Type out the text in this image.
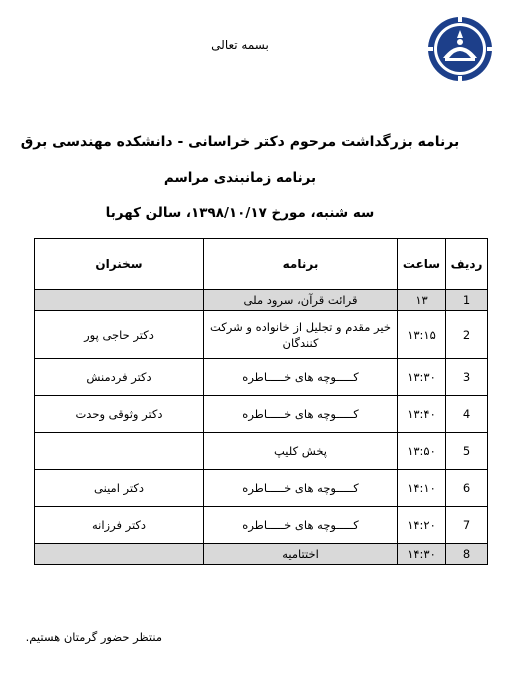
بسمه تعالی
برنامه بزرگداشت مرحوم دکتر خراسانی - دانشکده مهندسی برق
برنامه زمانبندی مراسم
سه شنبه، مورخ ۱۳۹۸/۱۰/۱۷، سالن کهربا
ردیف	ساعت	برنامه	سخنران
1	۱۳	قرائت قرآن، سرود ملی	
2	۱۳:۱۵	خیر مقدم و تجلیل از خانواده و شرکت کنندگان	دکتر حاجی پور
3	۱۳:۳۰	کـــــوچه های خـــــاطره	دکتر فردمنش
4	۱۳:۴۰	کـــــوچه های خـــــاطره	دکتر وثوقی وحدت
5	۱۳:۵۰	پخش کلیپ	
6	۱۴:۱۰	کـــــوچه های خـــــاطره	دکتر امینی
7	۱۴:۲۰	کـــــوچه های خـــــاطره	دکتر فرزانه
8	۱۴:۳۰	اختتامیه	
منتظر حضور گرمتان هستیم.
